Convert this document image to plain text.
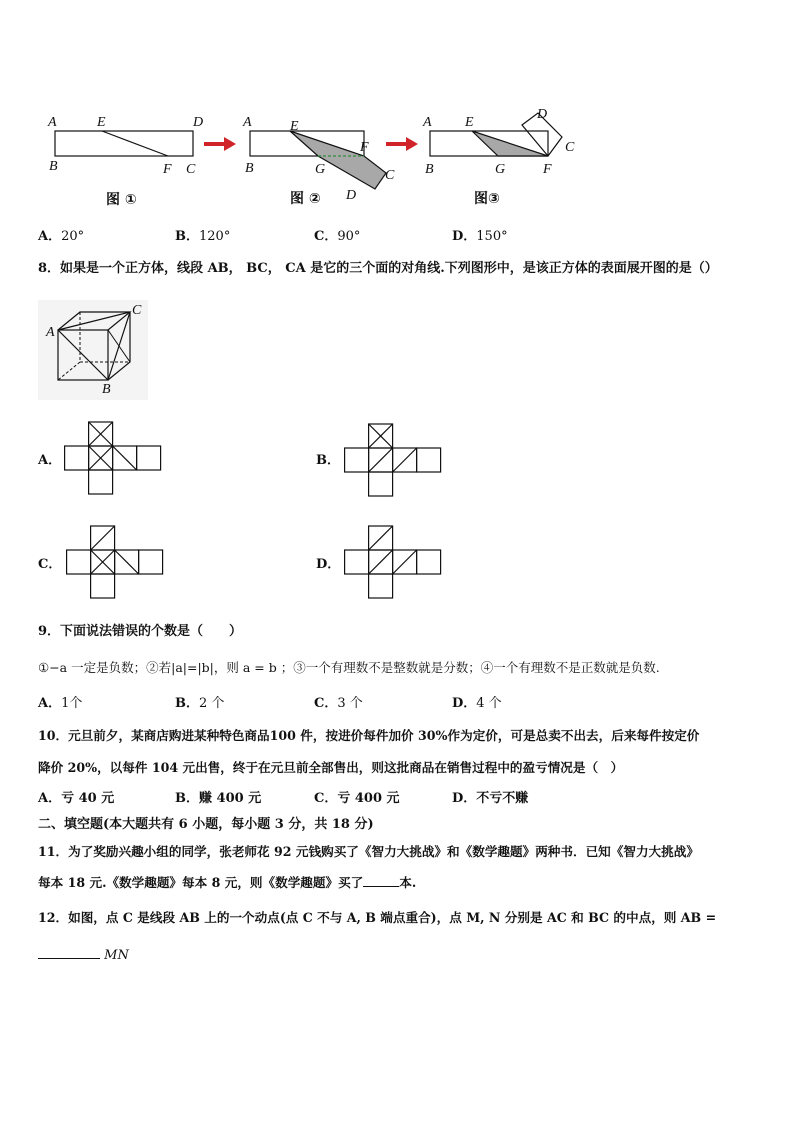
A	E	D
B	F C
A	E
F
C
B	G
D
A E
D
C
B	G	F
图 ①	图 ②	图③
A．20°	B．120°	C．90°	D．150°
8．如果是一个正方体，线段 AB， BC， CA 是它的三个面的对角线.下列图形中，是该正方体的表面展开图的是（）
A
C
B
A．	B．
C．	D．
9．下面说法错误的个数是（　　）
①−a 一定是负数；②若|a|=|b|，则 a = b ；③一个有理数不是整数就是分数；④一个有理数不是正数就是负数.
A．1个	B．2 个	C．3 个	D．4 个
10．元旦前夕，某商店购进某种特色商品100 件，按进价每件加价 30%作为定价，可是总卖不出去，后来每件按定价
降价 20%，以每件 104 元出售，终于在元旦前全部售出，则这批商品在销售过程中的盈亏情况是（　）
A．亏 40 元	B．赚 400 元	C．亏 400 元	D．不亏不赚
二、填空题(本大题共有 6 小题，每小题 3 分，共 18 分)
11．为了奖励兴趣小组的同学，张老师花 92 元钱购买了《智力大挑战》和《数学趣题》两种书．已知《智力大挑战》
每本 18 元.《数学趣题》每本 8 元，则《数学趣题》买了	本.
12．如图，点 C 是线段 AB 上的一个动点(点 C 不与 A, B 端点重合)，点 M, N 分别是 AC 和 BC 的中点，则 AB =
MN
